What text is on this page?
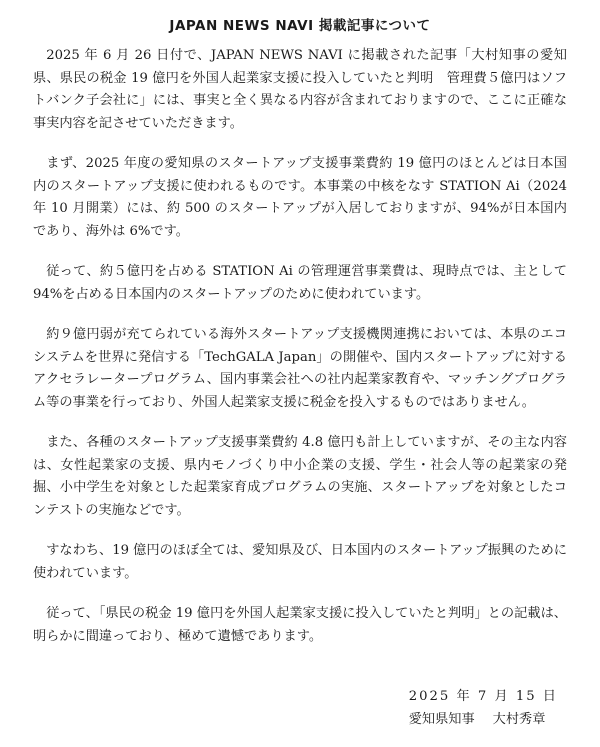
JAPAN NEWS NAVI 掲載記事について

2025 年 6 月 26 日付で、JAPAN NEWS NAVI に掲載された記事「大村知事の愛知県、県民の税金 19 億円を外国人起業家支援に投入していたと判明　管理費５億円はソフトバンク子会社に」には、事実と全く異なる内容が含まれておりますので、ここに正確な事実内容を記させていただきます。

まず、2025 年度の愛知県のスタートアップ支援事業費約 19 億円のほとんどは日本国内のスタートアップ支援に使われるものです。本事業の中核をなす STATION Ai（2024 年 10 月開業）には、約 500 のスタートアップが入居しておりますが、94%が日本国内であり、海外は 6%です。

従って、約５億円を占める STATION Ai の管理運営事業費は、現時点では、主として 94%を占める日本国内のスタートアップのために使われています。

約９億円弱が充てられている海外スタートアップ支援機関連携においては、本県のエコシステムを世界に発信する「TechGALA Japan」の開催や、国内スタートアップに対するアクセラレータープログラム、国内事業会社への社内起業家教育や、マッチングプログラム等の事業を行っており、外国人起業家支援に税金を投入するものではありません。

また、各種のスタートアップ支援事業費約 4.8 億円も計上していますが、その主な内容は、女性起業家の支援、県内モノづくり中小企業の支援、学生・社会人等の起業家の発掘、小中学生を対象とした起業家育成プログラムの実施、スタートアップを対象としたコンテストの実施などです。

すなわち、19 億円のほぼ全ては、愛知県及び、日本国内のスタートアップ振興のために使われています。

従って、「県民の税金 19 億円を外国人起業家支援に投入していたと判明」との記載は、明らかに間違っており、極めて遺憾であります。

2025 年 7 月 15 日
愛知県知事 大村秀章
